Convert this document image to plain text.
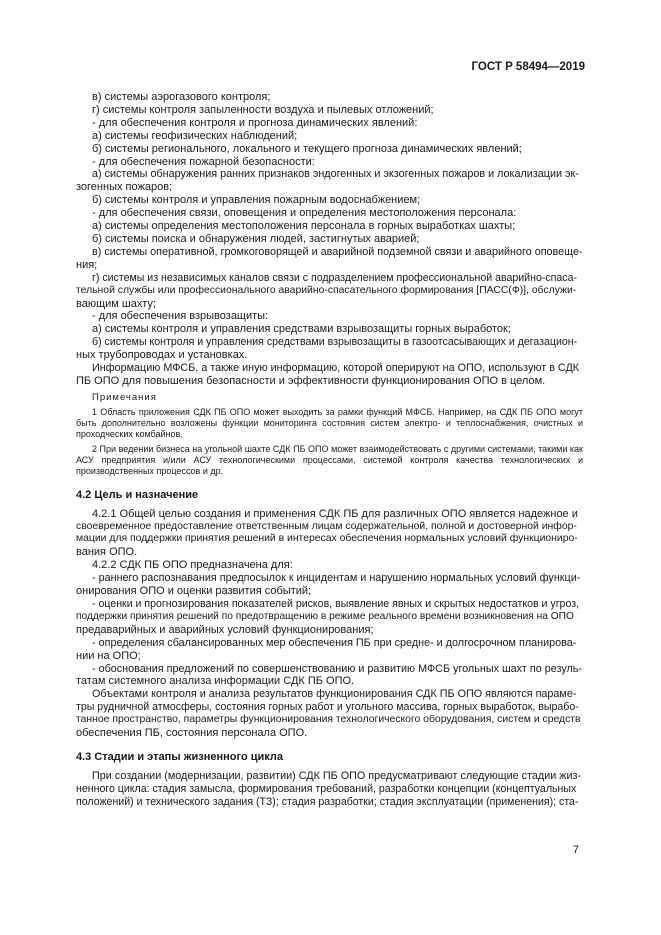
ГОСТ Р 58494—2019
в) системы аэрогазового контроля;
г) системы контроля запыленности воздуха и пылевых отложений;
- для обеспечения контроля и прогноза динамических явлений:
а) системы геофизических наблюдений;
б) системы регионального, локального и текущего прогноза динамических явлений;
- для обеспечения пожарной безопасности:
а) системы обнаружения ранних признаков эндогенных и экзогенных пожаров и локализации эк-
зогенных пожаров;
б) системы контроля и управления пожарным водоснабжением;
- для обеспечения связи, оповещения и определения местоположения персонала:
а) системы определения местоположения персонала в горных выработках шахты;
б) системы поиска и обнаружения людей, застигнутых аварией;
в) системы оперативной, громкоговорящей и аварийной подземной связи и аварийного оповеще-
ния;
г) системы из независимых каналов связи с подразделением профессиональной аварийно-спаса-
тельной службы или профессионального аварийно-спасательного формирования [ПАСС(Ф)], обслужи-
вающим шахту;
- для обеспечения взрывозащиты:
а) системы контроля и управления средствами взрывозащиты горных выработок;
б) системы контроля и управления средствами взрывозащиты в газоотсасывающих и дегазацион-
ных трубопроводах и установках.
Информацию МФСБ, а также иную информацию, которой оперируют на ОПО, используют в СДК
ПБ ОПО для повышения безопасности и эффективности функционирования ОПО в целом.
Примечания

1 Область приложения СДК ПБ ОПО может выходить за рамки функций МФСБ. Например, на СДК ПБ ОПО могут быть дополнительно возложены функции мониторинга состояния систем электро- и теплоснабжения, очистных и проходческих комбайнов.

2 При ведении бизнеса на угольной шахте СДК ПБ ОПО может взаимодействовать с другими системами, такими как АСУ предприятия и/или АСУ технологическими процессами, системой контроля качества технологических и производственных процессов и др.

4.2 Цель и назначение
4.2.1 Общей целью создания и применения СДК ПБ для различных ОПО является надежное и
своевременное предоставление ответственным лицам содержательной, полной и достоверной инфор-
мации для поддержки принятия решений в интересах обеспечения нормальных условий функциониро-
вания ОПО.
4.2.2 СДК ПБ ОПО предназначена для:
- раннего распознавания предпосылок к инцидентам и нарушению нормальных условий функци-
онирования ОПО и оценки развития событий;
- оценки и прогнозирования показателей рисков, выявление явных и скрытых недостатков и угроз,
поддержки принятия решений по предотвращению в режиме реального времени возникновения на ОПО
предаварийных и аварийных условий функционирования;
- определения сбалансированных мер обеспечения ПБ при средне- и долгосрочном планирова-
нии на ОПО;
- обоснования предложений по совершенствованию и развитию МФСБ угольных шахт по резуль-
татам системного анализа информации СДК ПБ ОПО.
Объектами контроля и анализа результатов функционирования СДК ПБ ОПО являются параме-
тры рудничной атмосферы, состояния горных работ и угольного массива, горных выработок, вырабо-
танное пространство, параметры функционирования технологического оборудования, систем и средств
обеспечения ПБ, состояния персонала ОПО.
4.3 Стадии и этапы жизненного цикла
При создании (модернизации, развитии) СДК ПБ ОПО предусматривают следующие стадии жиз-
ненного цикла: стадия замысла, формирования требований, разработки концепции (концептуальных
положений) и технического задания (ТЗ); стадия разработки; стадия эксплуатации (применения); ста-
7
